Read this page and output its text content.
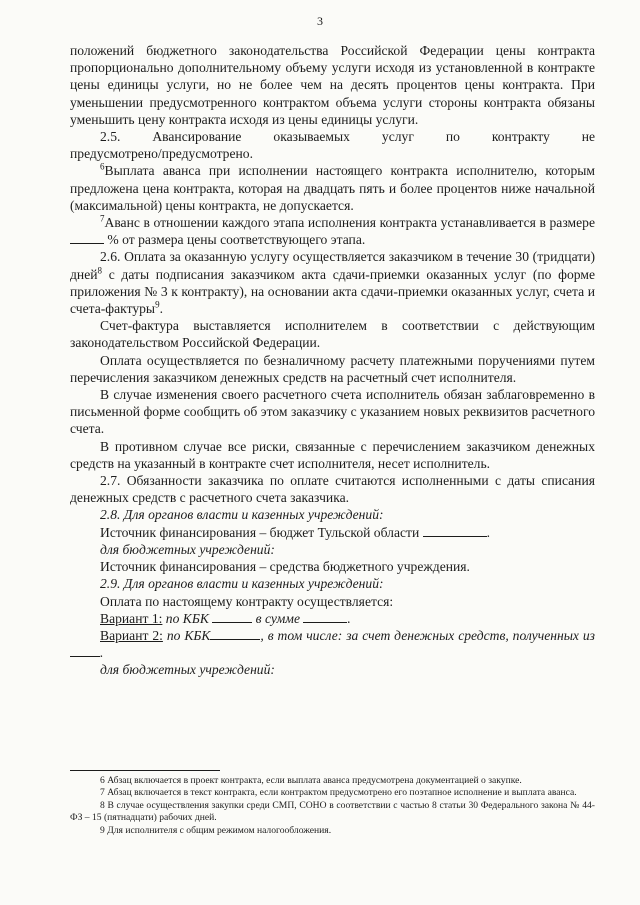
3

положений бюджетного законодательства Российской Федерации цены контракта пропорционально дополнительному объему услуги исходя из установленной в контракте цены единицы услуги, но не более чем на десять процентов цены контракта. При уменьшении предусмотренного контрактом объема услуги стороны контракта обязаны уменьшить цену контракта исходя из цены единицы услуги.

2.5. Авансирование оказываемых услуг по контракту не предусмотрено/предусмотрено.

$^6$Выплата аванса при исполнении настоящего контракта исполнителю, которым предложена цена контракта, которая на двадцать пять и более процентов ниже начальной (максимальной) цены контракта, не допускается.

$^7$Аванс в отношении каждого этапа исполнения контракта устанавливается в размере  % от размера цены соответствующего этапа.

2.6. Оплата за оказанную услугу осуществляется заказчиком в течение 30 (тридцати) дней$^8$ с даты подписания заказчиком акта сдачи-приемки оказанных услуг (по форме приложения № 3 к контракту), на основании акта сдачи-приемки оказанных услуг, счета и счета-фактуры$^9$.

Счет-фактура выставляется исполнителем в соответствии с действующим законодательством Российской Федерации.

Оплата осуществляется по безналичному расчету платежными поручениями путем перечисления заказчиком денежных средств на расчетный счет исполнителя.

В случае изменения своего расчетного счета исполнитель обязан заблаговременно в письменной форме сообщить об этом заказчику с указанием новых реквизитов расчетного счета.

В противном случае все риски, связанные с перечислением заказчиком денежных средств на указанный в контракте счет исполнителя, несет исполнитель.

2.7. Обязанности заказчика по оплате считаются исполненными с даты списания денежных средств с расчетного счета заказчика.

2.8. Для органов власти и казенных учреждений:

Источник финансирования – бюджет Тульской области	.

для бюджетных учреждений:

Источник финансирования – средства бюджетного учреждения.

2.9. Для органов власти и казенных учреждений:

Оплата по настоящему контракту осуществляется:

Вариант 1: по КБК	в сумме	.

Вариант 2: по КБК	, в том числе: за счет денежных средств, полученных из .

для бюджетных учреждений:

6 Абзац включается в проект контракта, если выплата аванса предусмотрена документацией о закупке.

7 Абзац включается в текст контракта, если контрактом предусмотрено его поэтапное исполнение и выплата аванса.

8 В случае осуществления закупки среди СМП, СОНО в соответствии с частью 8 статьи 30 Федерального закона № 44-ФЗ – 15 (пятнадцати) рабочих дней.

9 Для исполнителя с общим режимом налогообложения.
